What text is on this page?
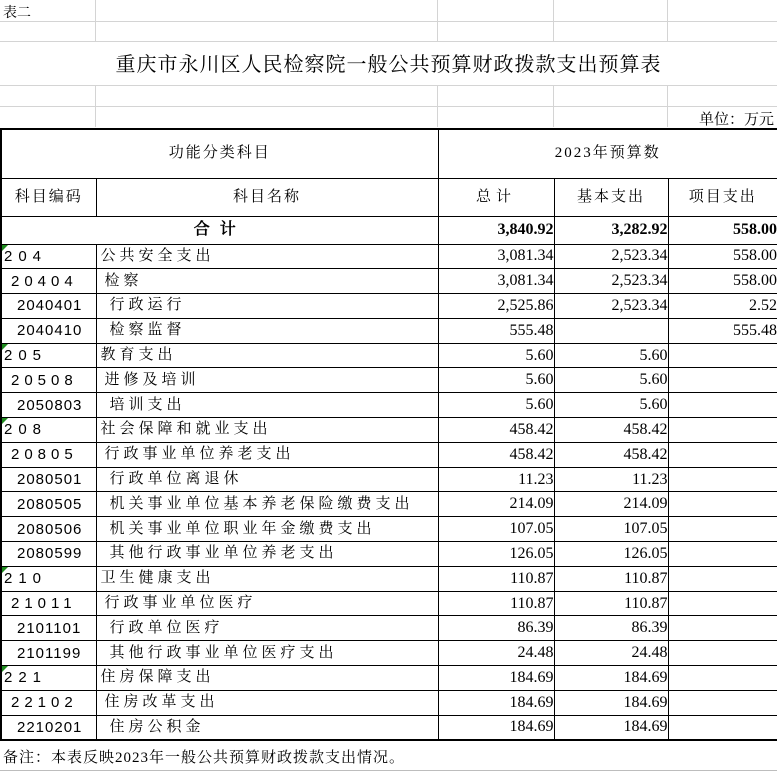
表二
重庆市永川区人民检察院一般公共预算财政拨款支出预算表
单位：万元
功能分类科目		2023年预算数		
科目编码	科目名称	总计	基本支出	项目支出
合计		3,840.92	3,282.92	558.00

204	公共安全支出	3,081.34	2,523.34	558.00
20404	检察	3,081.34	2,523.34	558.00
2040401	行政运行	2,525.86	2,523.34	2.52
2040410	检察监督	555.48		555.48

205	教育支出	5.60	5.60	
20508	进修及培训	5.60	5.60	
2050803	培训支出	5.60	5.60	

208	社会保障和就业支出	458.42	458.42	
20805	行政事业单位养老支出	458.42	458.42	
2080501	行政单位离退休	11.23	11.23	
2080505	机关事业单位基本养老保险缴费支出	214.09	214.09	
2080506	机关事业单位职业年金缴费支出	107.05	107.05	
2080599	其他行政事业单位养老支出	126.05	126.05	

210	卫生健康支出	110.87	110.87	
21011	行政事业单位医疗	110.87	110.87	
2101101	行政单位医疗	86.39	86.39	
2101199	其他行政事业单位医疗支出	24.48	24.48	

221	住房保障支出	184.69	184.69	
22102	住房改革支出	184.69	184.69	
2210201	住房公积金	184.69	184.69	
备注：本表反映2023年一般公共预算财政拨款支出情况。
